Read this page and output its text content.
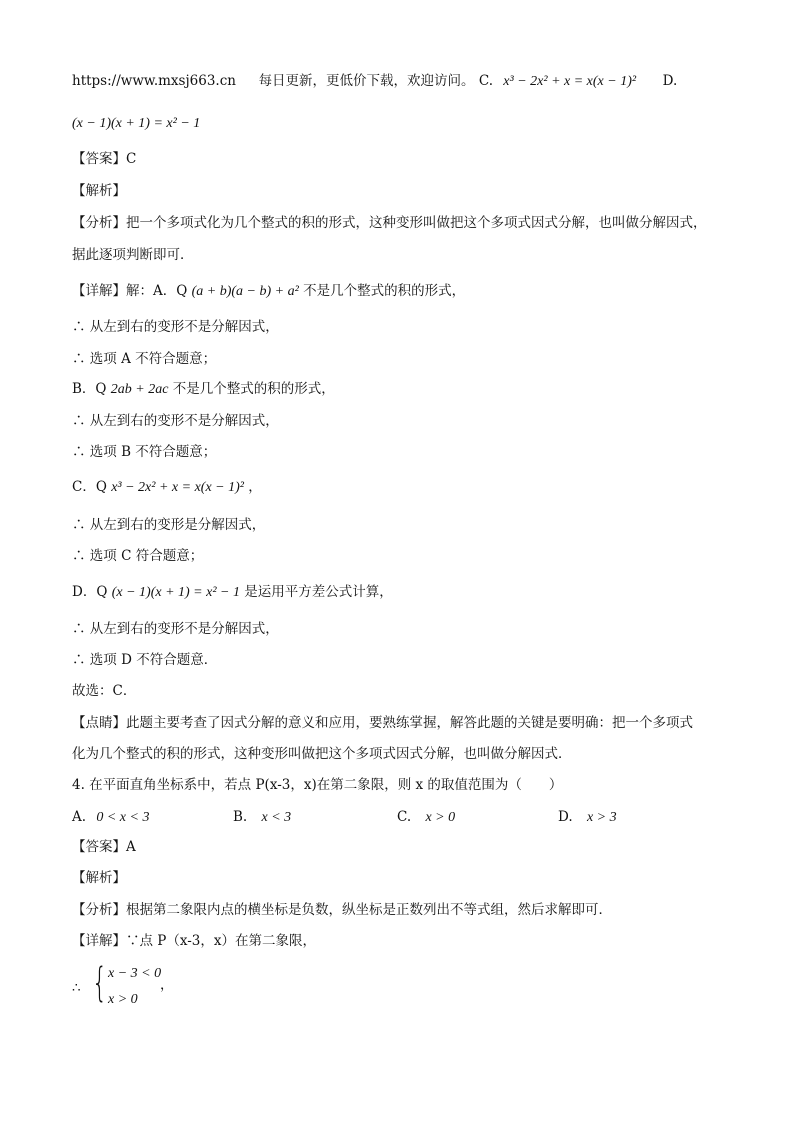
https://www.mxsj663.cn 每日更新，更低价下载，欢迎访问。 C. x³ − 2x² + x = x(x − 1)² D.
(x − 1)(x + 1) = x² − 1
【答案】C
【解析】
【分析】把一个多项式化为几个整式的积的形式，这种变形叫做把这个多项式因式分解，也叫做分解因式，
据此逐项判断即可．
【详解】解：A．Q (a + b)(a − b) + a² 不是几个整式的积的形式，
∴ 从左到右的变形不是分解因式，
∴ 选项 A 不符合题意；
B．Q 2ab + 2ac 不是几个整式的积的形式，
∴ 从左到右的变形不是分解因式，
∴ 选项 B 不符合题意；
C．Q x³ − 2x² + x = x(x − 1)² ，
∴ 从左到右的变形是分解因式，
∴ 选项 C 符合题意；
D．Q (x − 1)(x + 1) = x² − 1 是运用平方差公式计算，
∴ 从左到右的变形不是分解因式，
∴ 选项 D 不符合题意．
故选：C．
【点睛】此题主要考查了因式分解的意义和应用，要熟练掌握，解答此题的关键是要明确：把一个多项式
化为几个整式的积的形式，这种变形叫做把这个多项式因式分解，也叫做分解因式．
4. 在平面直角坐标系中，若点 P(x-3，x)在第二象限，则 x 的取值范围为（　　）
A. 0 < x < 3	B. x < 3	C. x > 0	D. x > 3
【答案】A
【解析】
【分析】根据第二象限内点的横坐标是负数，纵坐标是正数列出不等式组，然后求解即可．
【详解】∵点 P（x-3，x）在第二象限，
∴ { x − 3 < 0
x > 0
，
